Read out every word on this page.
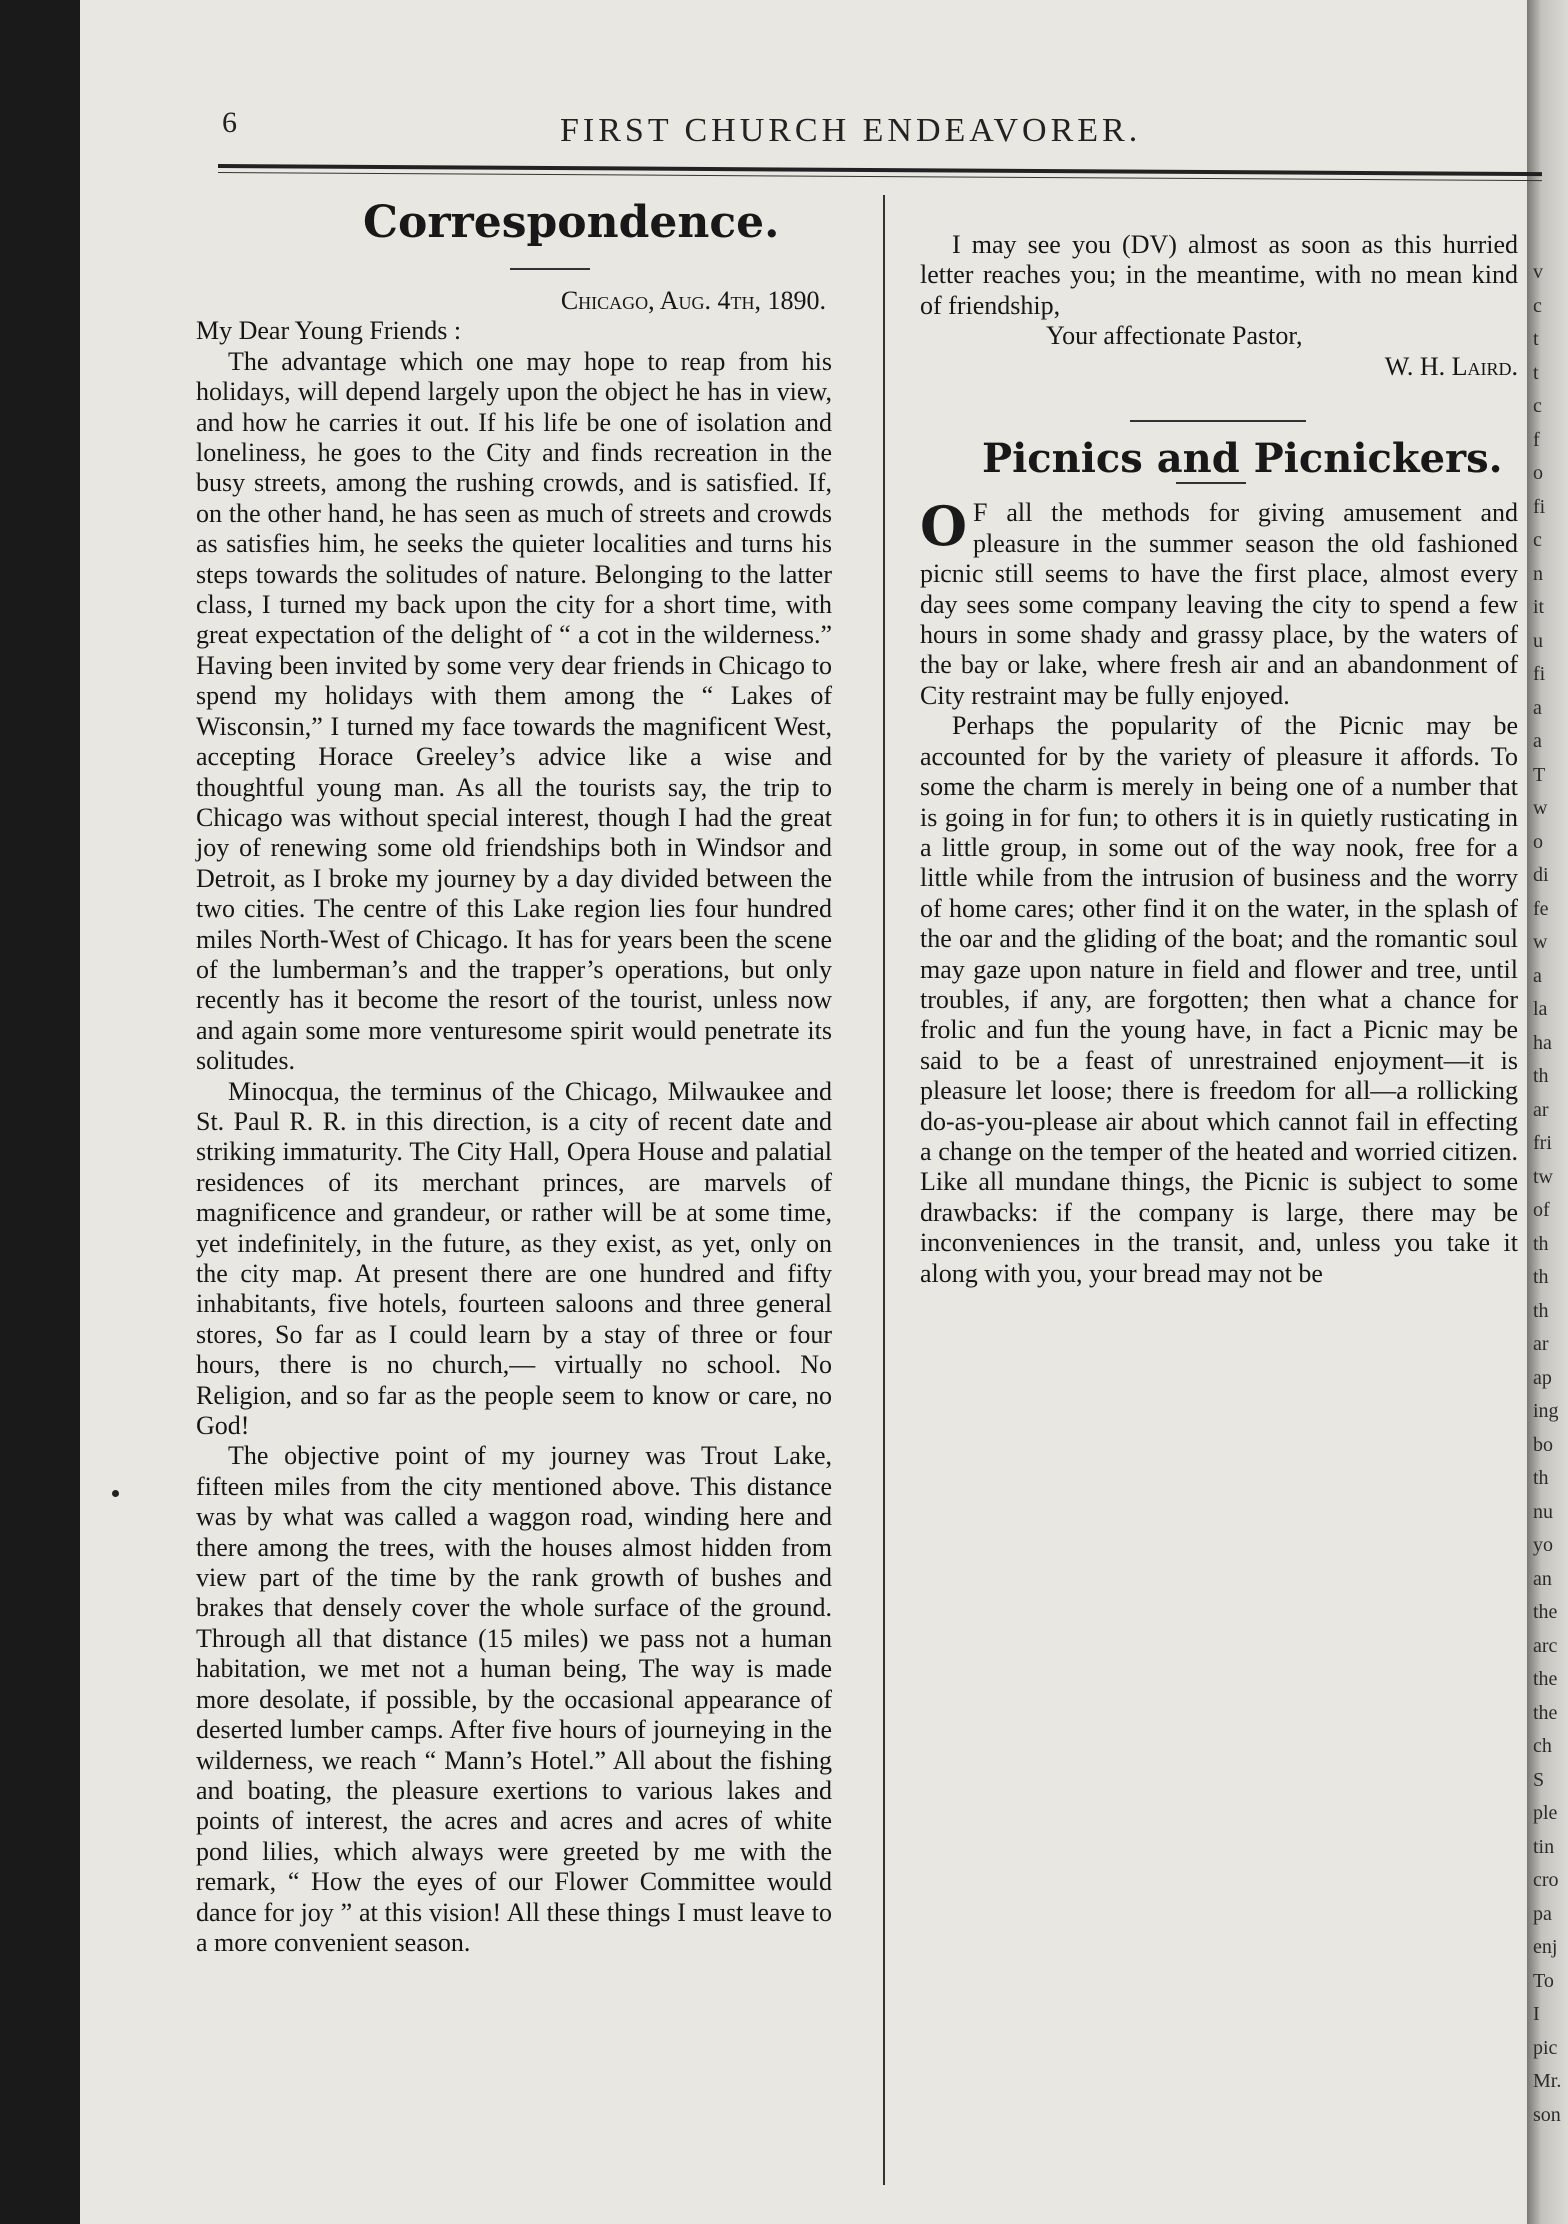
v
c
t
t
c
f
o
fi
c
n
it
u
fi
a
a
T
w
o
di
fe
w
a
la
ha
th
ar
fri
tw
of
th
th
th
ar
ap
ing
bo
th
nu
yo
an
the
arc
the
the
ch
S
ple
tin
cro
pa
enj
To
I
pic
Mr.
son
6	FIRST CHURCH ENDEAVORER.
Correspondence.

Chicago, Aug. 4th, 1890.

My Dear Young Friends :

The advantage which one may hope to reap from his holidays, will depend largely upon the object he has in view, and how he carries it out. If his life be one of isolation and loneliness, he goes to the City and finds recreation in the busy streets, among the rushing crowds, and is satisfied. If, on the other hand, he has seen as much of streets and crowds as satisfies him, he seeks the quieter localities and turns his steps towards the solitudes of nature. Belonging to the latter class, I turned my back upon the city for a short time, with great expectation of the delight of “ a cot in the wilderness.” Having been invited by some very dear friends in Chicago to spend my holidays with them among the “ Lakes of Wisconsin,” I turned my face towards the magnificent West, accepting Horace Greeley’s advice like a wise and thoughtful young man. As all the tourists say, the trip to Chicago was without special interest, though I had the great joy of renewing some old friendships both in Windsor and Detroit, as I broke my journey by a day divided between the two cities. The centre of this Lake region lies four hundred miles North-West of Chicago. It has for years been the scene of the lumberman’s and the trapper’s operations, but only recently has it become the resort of the tourist, unless now and again some more venturesome spirit would penetrate its solitudes.

Minocqua, the terminus of the Chicago, Milwaukee and St. Paul R. R. in this direction, is a city of recent date and striking immaturity. The City Hall, Opera House and palatial residences of its merchant princes, are marvels of magnificence and grandeur, or rather will be at some time, yet indefinitely, in the future, as they exist, as yet, only on the city map. At present there are one hundred and fifty inhabitants, five hotels, fourteen saloons and three general stores, So far as I could learn by a stay of three or four hours, there is no church,— virtually no school. No Religion, and so far as the people seem to know or care, no God!

The objective point of my journey was Trout Lake, fifteen miles from the city mentioned above. This distance was by what was called a waggon road, winding here and there among the trees, with the houses almost hidden from view part of the time by the rank growth of bushes and brakes that densely cover the whole surface of the ground. Through all that distance (15 miles) we pass not a human habitation, we met not a human being, The way is made more desolate, if possible, by the occasional appearance of deserted lumber camps. After five hours of journeying in the wilderness, we reach “ Mann’s Hotel.” All about the fishing and boating, the pleasure exertions to various lakes and points of interest, the acres and acres and acres of white pond lilies, which always were greeted by me with the remark, “ How the eyes of our Flower Committee would dance for joy ” at this vision! All these things I must leave to a more convenient season.

I may see you (DV) almost as soon as this hurried letter reaches you; in the meantime, with no mean kind of friendship,

Your affectionate Pastor,

W. H. Laird.

Picnics and Picnickers.

O F all the methods for giving amusement and pleasure in the summer season the old fashioned picnic still seems to have the first place, almost every day sees some company leaving the city to spend a few hours in some shady and grassy place, by the waters of the bay or lake, where fresh air and an abandonment of City restraint may be fully enjoyed.

Perhaps the popularity of the Picnic may be accounted for by the variety of pleasure it affords. To some the charm is merely in being one of a number that is going in for fun; to others it is in quietly rusticating in a little group, in some out of the way nook, free for a little while from the intrusion of business and the worry of home cares; other find it on the water, in the splash of the oar and the gliding of the boat; and the romantic soul may gaze upon nature in field and flower and tree, until troubles, if any, are forgotten; then what a chance for frolic and fun the young have, in fact a Picnic may be said to be a feast of unrestrained enjoyment—it is pleasure let loose; there is freedom for all—a rollicking do-as-you-please air about which cannot fail in effecting a change on the temper of the heated and worried citizen. Like all mundane things, the Picnic is subject to some drawbacks: if the company is large, there may be inconveniences in the transit, and, unless you take it along with you, your bread may not be
